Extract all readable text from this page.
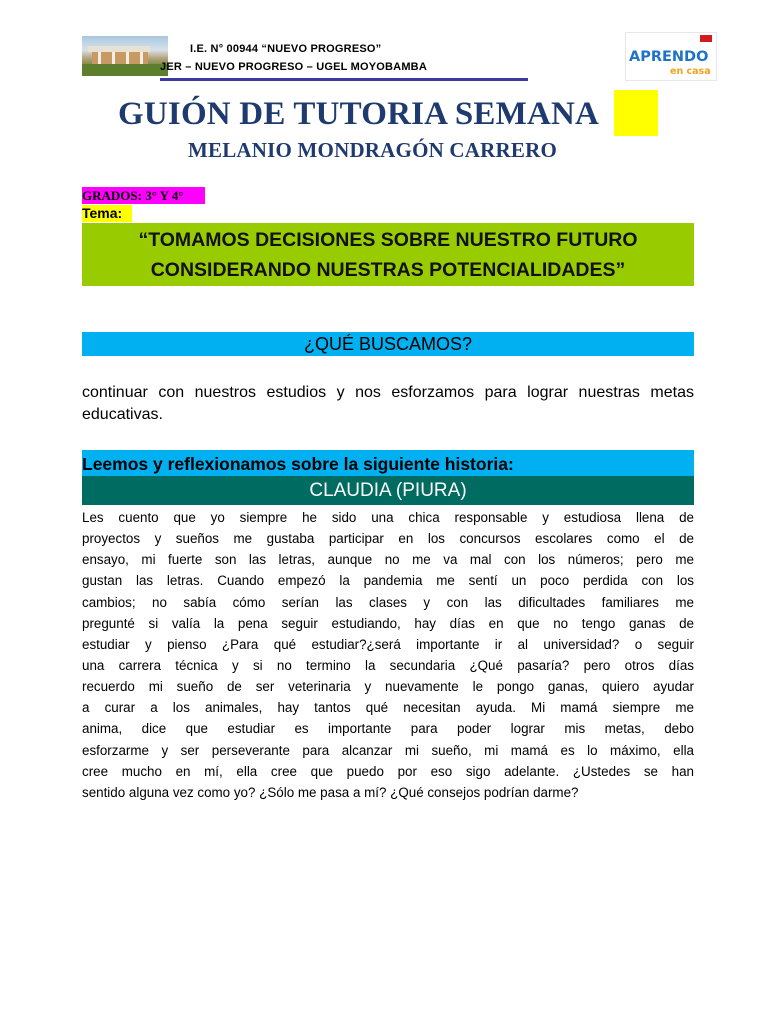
I.E. N° 00944 “NUEVO PROGRESO”
JER – NUEVO PROGRESO – UGEL MOYOBAMBA
APRENDO
en casa
GUIÓN DE TUTORIA SEMANA
MELANIO MONDRAGÓN CARRERO
GRADOS: 3° Y 4°
Tema:
“TOMAMOS DECISIONES SOBRE NUESTRO FUTURO
CONSIDERANDO NUESTRAS POTENCIALIDADES”
¿QUÉ BUSCAMOS?
continuar con nuestros estudios y nos esforzamos para lograr nuestras metas educativas.
Leemos y reflexionamos sobre la siguiente historia:
CLAUDIA (PIURA)
Les cuento que yo siempre he sido una chica responsable y estudiosa llena de
proyectos y sueños me gustaba participar en los concursos escolares como el de
ensayo, mi fuerte son las letras, aunque no me va mal con los números; pero me
gustan las letras. Cuando empezó la pandemia me sentí un poco perdida con los
cambios; no sabía cómo serían las clases y con las dificultades familiares me
pregunté si valía la pena seguir estudiando, hay días en que no tengo ganas de
estudiar y pienso ¿Para qué estudiar?¿será importante ir al universidad? o seguir
una carrera técnica y si no termino la secundaria ¿Qué pasaría? pero otros días
recuerdo mi sueño de ser veterinaria y nuevamente le pongo ganas, quiero ayudar
a curar a los animales, hay tantos qué necesitan ayuda. Mi mamá siempre me
anima, dice que estudiar es importante para poder lograr mis metas, debo
esforzarme y ser perseverante para alcanzar mi sueño, mi mamá es lo máximo, ella
cree mucho en mí, ella cree que puedo por eso sigo adelante. ¿Ustedes se han
sentido alguna vez como yo? ¿Sólo me pasa a mí? ¿Qué consejos podrían darme?
